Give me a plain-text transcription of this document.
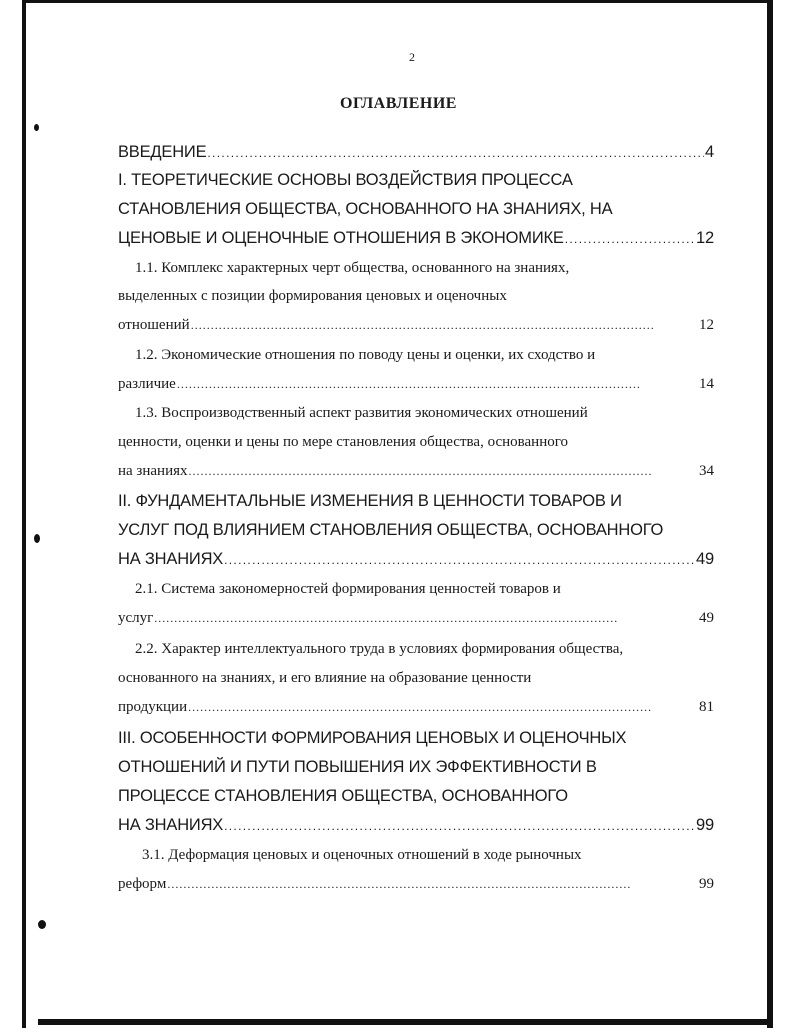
2
ОГЛАВЛЕНИЕ
ВВЕДЕНИЕ . . .	4
I. ТЕОРЕТИЧЕСКИЕ ОСНОВЫ ВОЗДЕЙСТВИЯ ПРОЦЕССА
СТАНОВЛЕНИЯ ОБЩЕСТВА, ОСНОВАННОГО НА ЗНАНИЯХ, НА
ЦЕНОВЫЕ И ОЦЕНОЧНЫЕ ОТНОШЕНИЯ В ЭКОНОМИКЕ . . .	12
1.1. Комплекс характерных черт общества, основанного на знаниях,
выделенных с позиции формирования ценовых и оценочных
отношений . . .	12
1.2. Экономические отношения по поводу цены и оценки, их сходство и
различие . . .	14
1.3. Воспроизводственный аспект развития экономических отношений
ценности, оценки и цены по мере становления общества, основанного
на знаниях . . .	34
II. ФУНДАМЕНТАЛЬНЫЕ ИЗМЕНЕНИЯ В ЦЕННОСТИ ТОВАРОВ И
УСЛУГ ПОД ВЛИЯНИЕМ СТАНОВЛЕНИЯ ОБЩЕСТВА, ОСНОВАННОГО
НА ЗНАНИЯХ . . .	49
2.1. Система закономерностей формирования ценностей товаров и
услуг . . .	49
2.2. Характер интеллектуального труда в условиях формирования общества,
основанного на знаниях, и его влияние на образование ценности
продукции . . .	81
III. ОСОБЕННОСТИ ФОРМИРОВАНИЯ ЦЕНОВЫХ И ОЦЕНОЧНЫХ
ОТНОШЕНИЙ И ПУТИ ПОВЫШЕНИЯ ИХ ЭФФЕКТИВНОСТИ В
ПРОЦЕССЕ СТАНОВЛЕНИЯ ОБЩЕСТВА, ОСНОВАННОГО
НА ЗНАНИЯХ . . .	99
3.1. Деформация ценовых и оценочных отношений в ходе рыночных
реформ . . .	99
